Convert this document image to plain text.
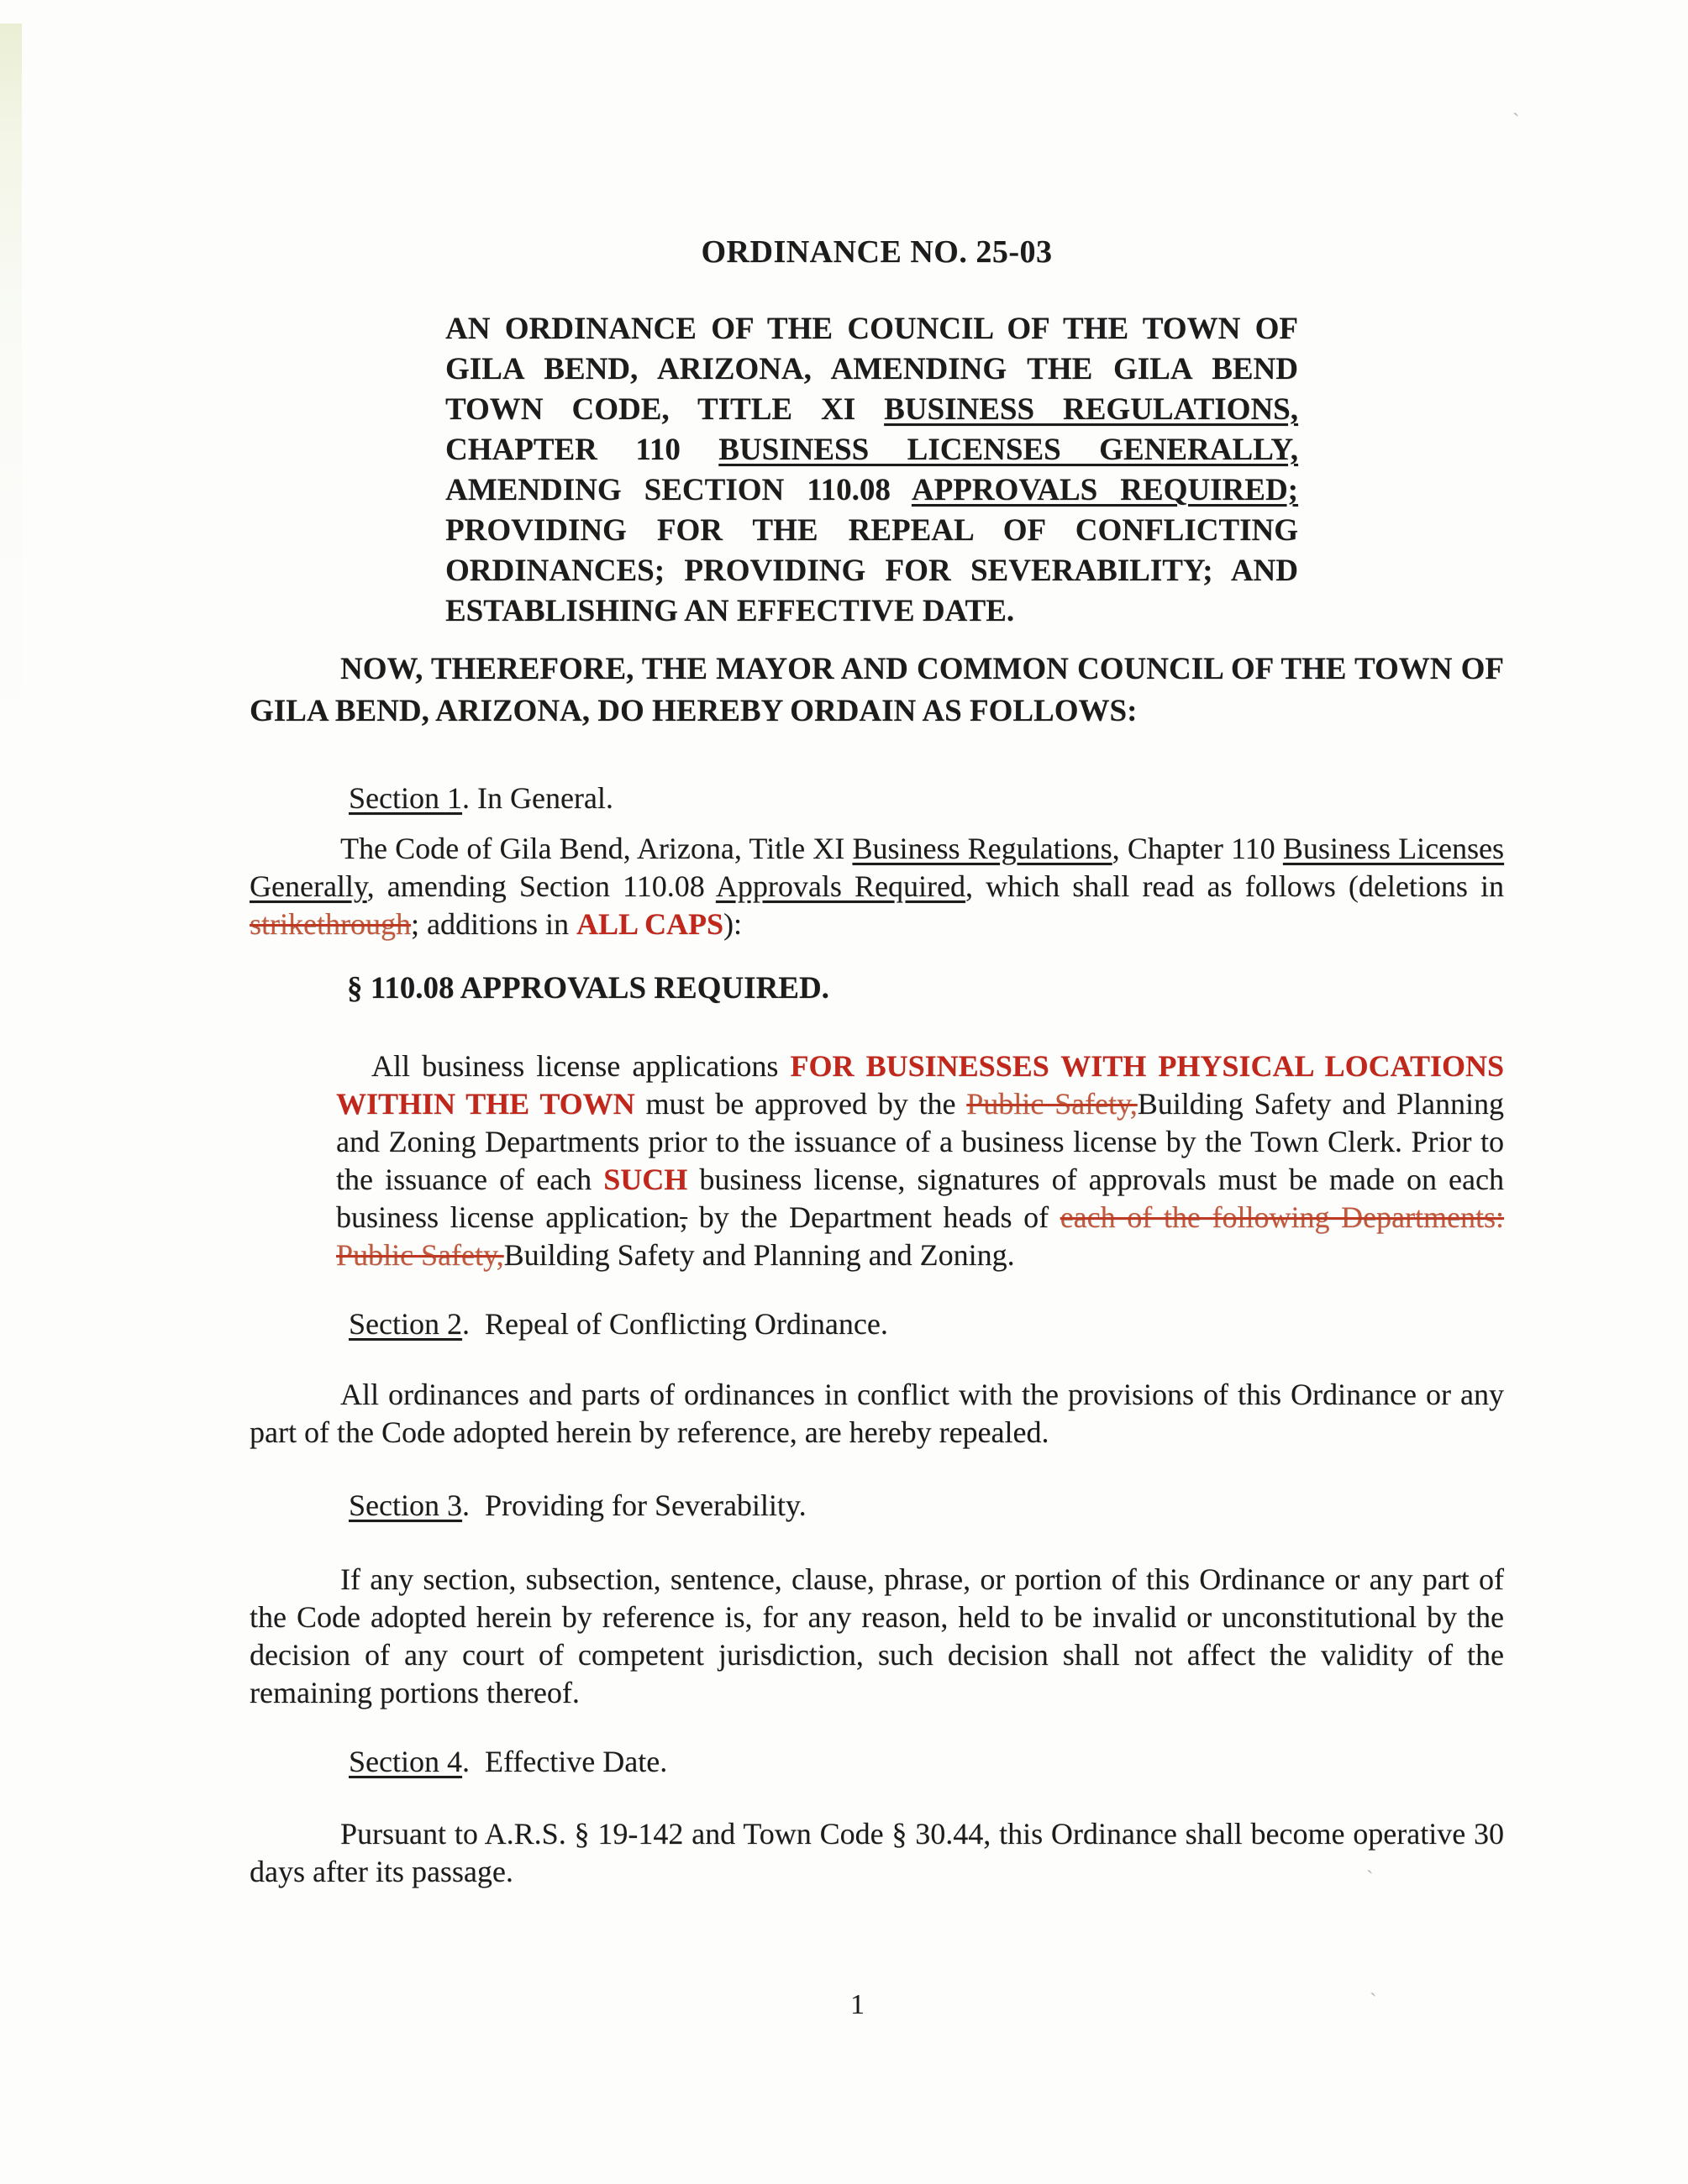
`
`
`
ORDINANCE NO. 25-03

AN ORDINANCE OF THE COUNCIL OF THE TOWN OF GILA BEND, ARIZONA, AMENDING THE GILA BEND TOWN CODE, TITLE XI BUSINESS REGULATIONS, CHAPTER 110 BUSINESS LICENSES GENERALLY, AMENDING SECTION 110.08 APPROVALS REQUIRED; PROVIDING FOR THE REPEAL OF CONFLICTING ORDINANCES; PROVIDING FOR SEVERABILITY; AND ESTABLISHING AN EFFECTIVE DATE.

NOW, THEREFORE, THE MAYOR AND COMMON COUNCIL OF THE TOWN OF GILA BEND, ARIZONA, DO HEREBY ORDAIN AS FOLLOWS:

Section 1. In General.

The Code of Gila Bend, Arizona, Title XI Business Regulations, Chapter 110 Business Licenses Generally, amending Section 110.08 Approvals Required, which shall read as follows (deletions in strikethrough; additions in ALL CAPS):

§ 110.08 APPROVALS REQUIRED.

All business license applications FOR BUSINESSES WITH PHYSICAL LOCATIONS WITHIN THE TOWN must be approved by the Public Safety,Building Safety and Planning and Zoning Departments prior to the issuance of a business license by the Town Clerk. Prior to the issuance of each SUCH business license, signatures of approvals must be made on each business license application, by the Department heads of each of the following Departments: Public Safety,Building Safety and Planning and Zoning.

Section 2.  Repeal of Conflicting Ordinance.

All ordinances and parts of ordinances in conflict with the provisions of this Ordinance or any part of the Code adopted herein by reference, are hereby repealed.

Section 3.  Providing for Severability.

If any section, subsection, sentence, clause, phrase, or portion of this Ordinance or any part of the Code adopted herein by reference is, for any reason, held to be invalid or unconstitutional by the decision of any court of competent jurisdiction, such decision shall not affect the validity of the remaining portions thereof.

Section 4.  Effective Date.

Pursuant to A.R.S. § 19-142 and Town Code § 30.44, this Ordinance shall become operative 30 days after its passage.

1
